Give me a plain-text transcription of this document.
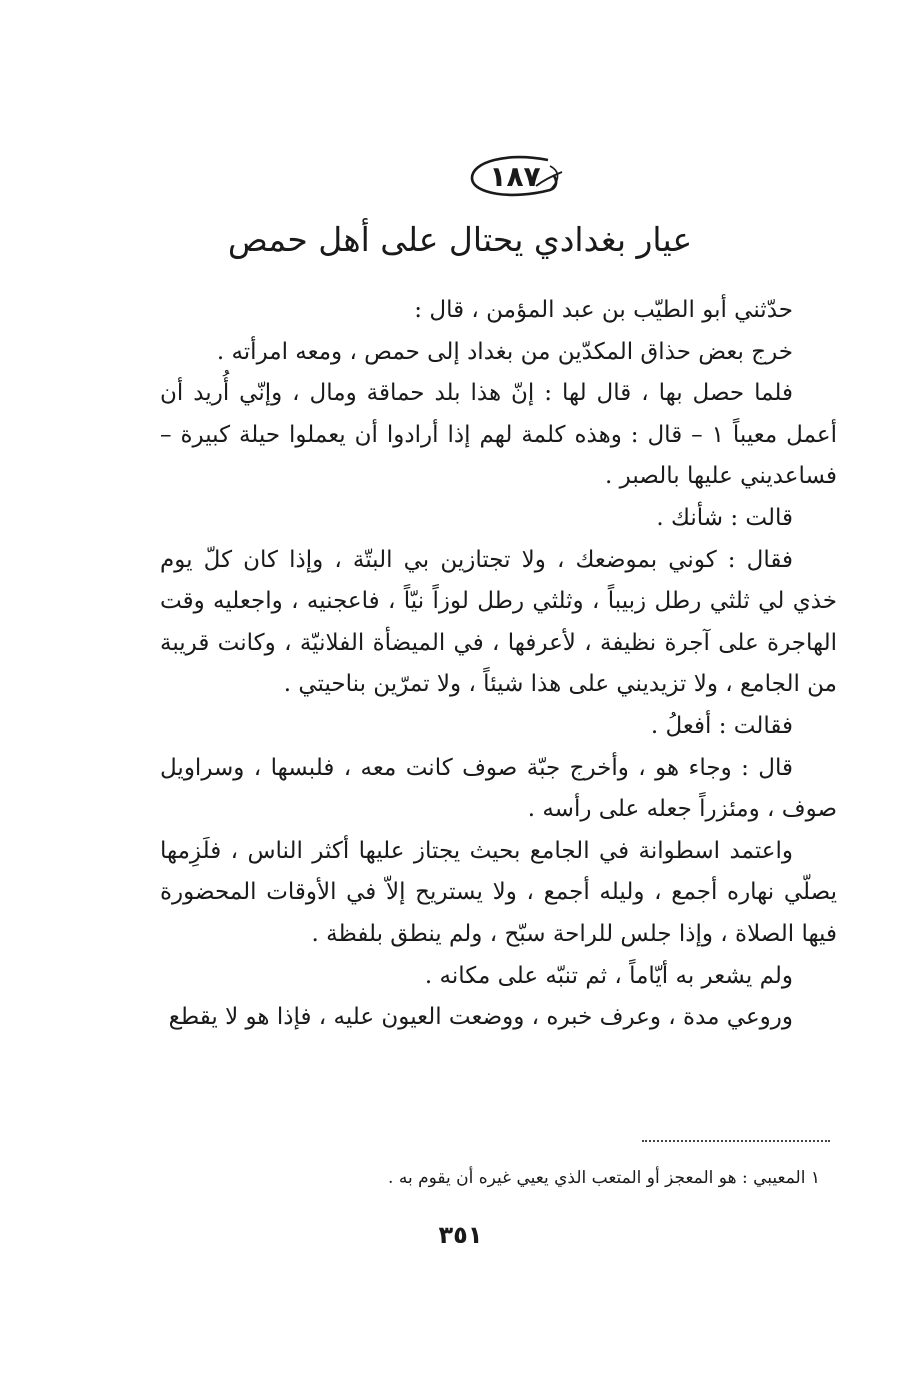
١٨٧
عيار بغدادي يحتال على أهل حمص

حدّثني أبو الطيّب بن عبد المؤمن ، قال :

خرج بعض حذاق المكدّين من بغداد إلى حمص ، ومعه امرأته .

فلما حصل بها ، قال لها : إنّ هذا بلد حماقة ومال ، وإنّي أُريد أن أعمل معيباً ١ – قال : وهذه كلمة لهم إذا أرادوا أن يعملوا حيلة كبيرة – فساعديني عليها بالصبر .

قالت : شأنك .

فقال : كوني بموضعك ، ولا تجتازين بي البتّة ، وإذا كان كلّ يوم خذي لي ثلثي رطل زبيباً ، وثلثي رطل لوزاً نيّاً ، فاعجنيه ، واجعليه وقت الهاجرة على آجرة نظيفة ، لأعرفها ، في الميضأة الفلانيّة ، وكانت قريبة من الجامع ، ولا تزيديني على هذا شيئاً ، ولا تمرّين بناحيتي .

فقالت : أفعلُ .

قال : وجاء هو ، وأخرج جبّة صوف كانت معه ، فلبسها ، وسراويل صوف ، ومئزراً جعله على رأسه .

واعتمد اسطوانة في الجامع بحيث يجتاز عليها أكثر الناس ، فلَزِمها يصلّي نهاره أجمع ، وليله أجمع ، ولا يستريح إلاّ في الأوقات المحضورة فيها الصلاة ، وإذا جلس للراحة سبّح ، ولم ينطق بلفظة .

ولم يشعر به أيّاماً ، ثم تنبّه على مكانه .

وروعي مدة ، وعرف خبره ، ووضعت العيون عليه ، فإذا هو لا يقطع

١ المعيبي : هو المعجز أو المتعب الذي يعيي غيره أن يقوم به .
٣٥١
